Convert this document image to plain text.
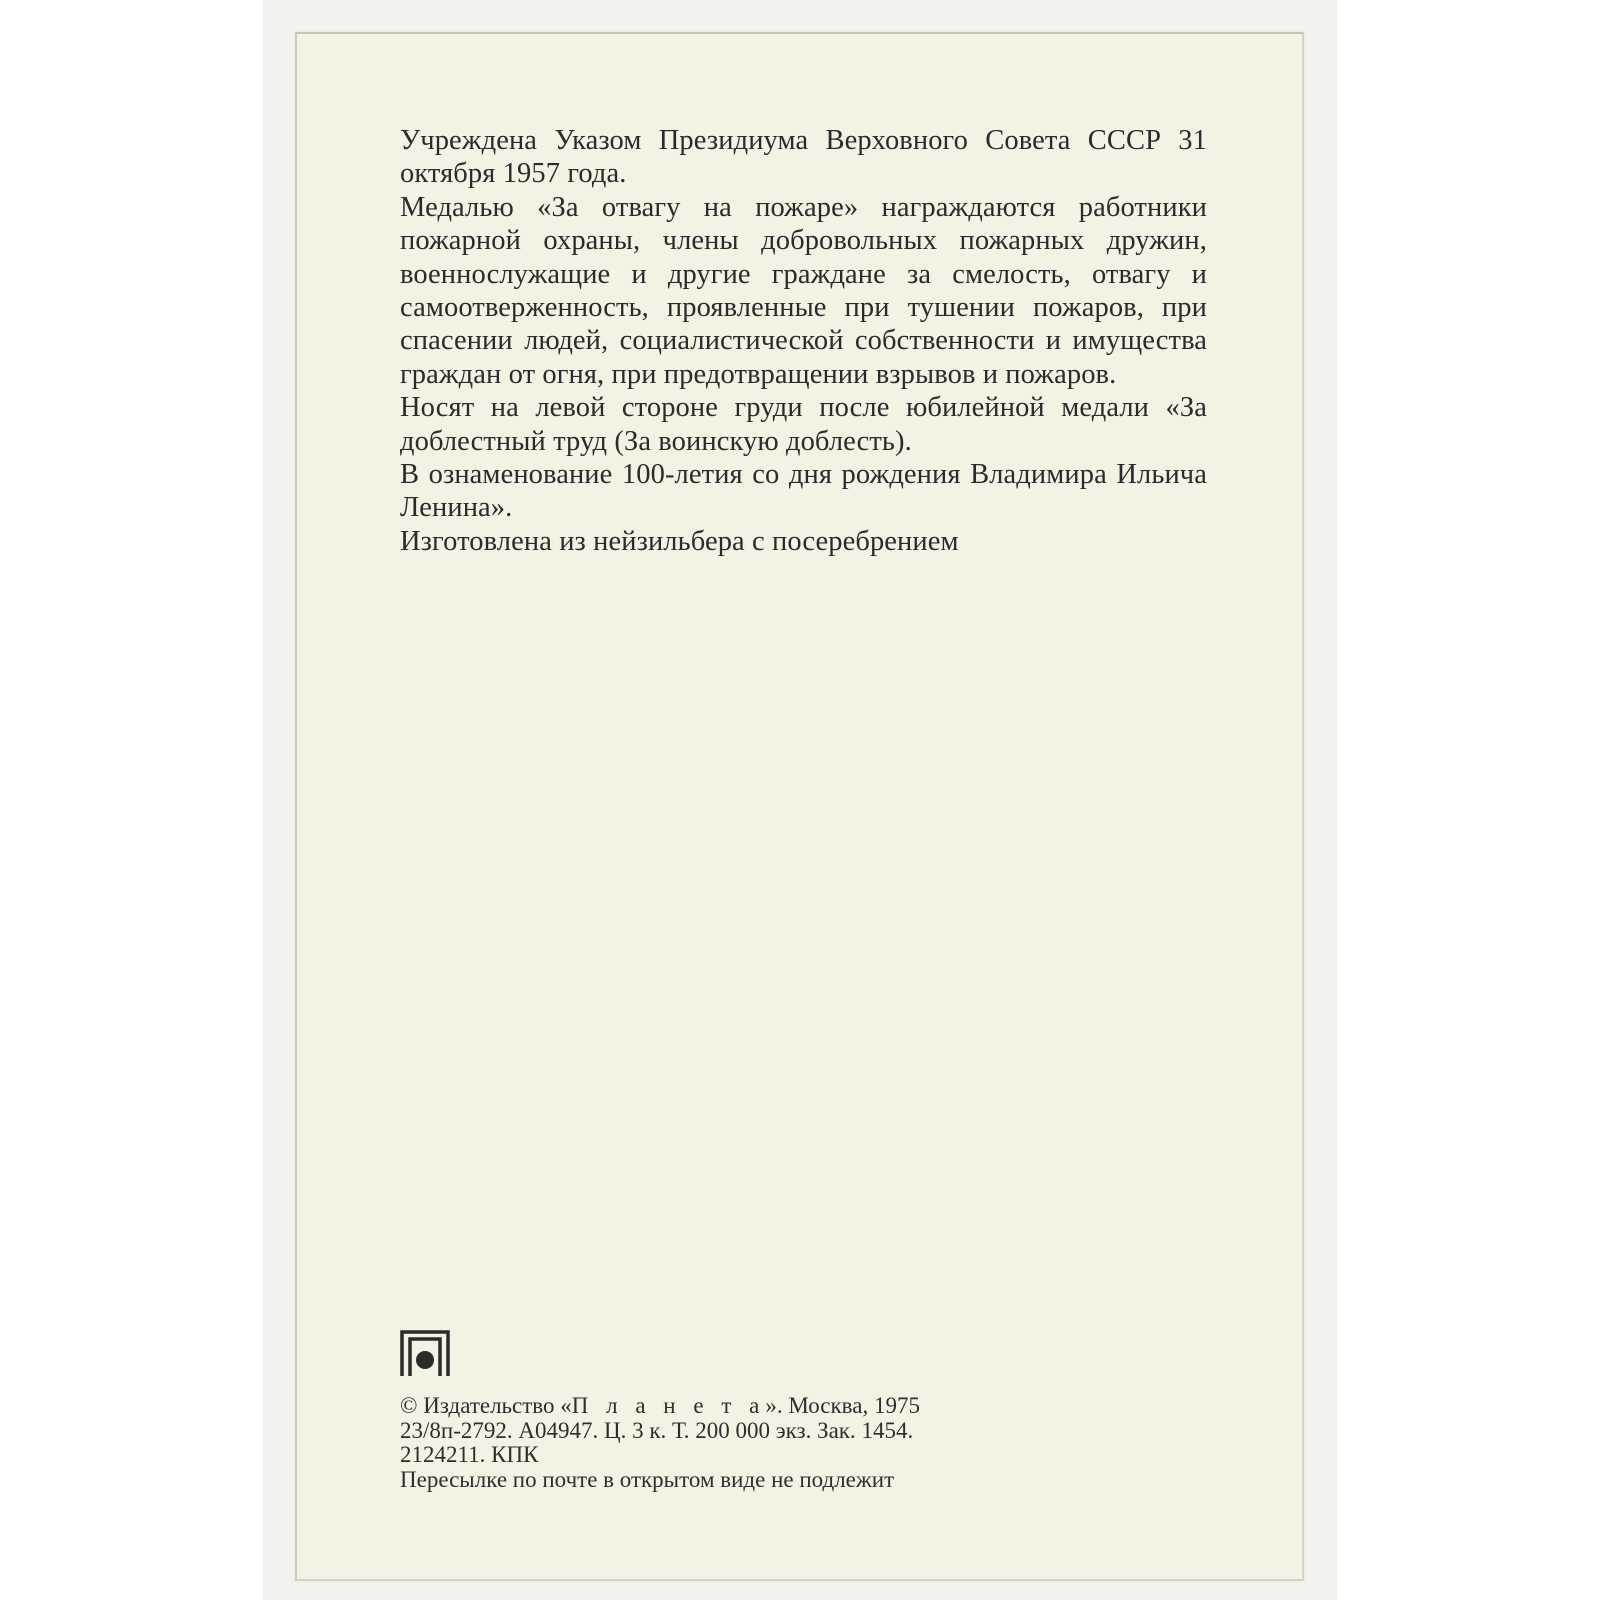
Учреждена Указом Президиума Верховного Совета СССР 31 октября 1957 года.

Медалью «За отвагу на пожаре» награждаются работники пожарной охраны, члены добровольных пожарных дружин, военнослужащие и другие граждане за смелость, отвагу и самоотверженность, проявленные при тушении пожаров, при спасении людей, социалистической собственности и имущества граждан от огня, при предотвращении взрывов и пожаров.

Носят на левой стороне груди после юбилейной медали «За доблестный труд (За воинскую доблесть).

В ознаменование 100-летия со дня рождения Владимира Ильича Ленина».

Изготовлена из нейзильбера с посеребрением

© Издательство «П л а н е т а». Москва, 1975
23/8п-2792. А04947. Ц. 3 к. Т. 200 000 экз. Зак. 1454.
2124211. КПК
Пересылке по почте в открытом виде не подлежит
